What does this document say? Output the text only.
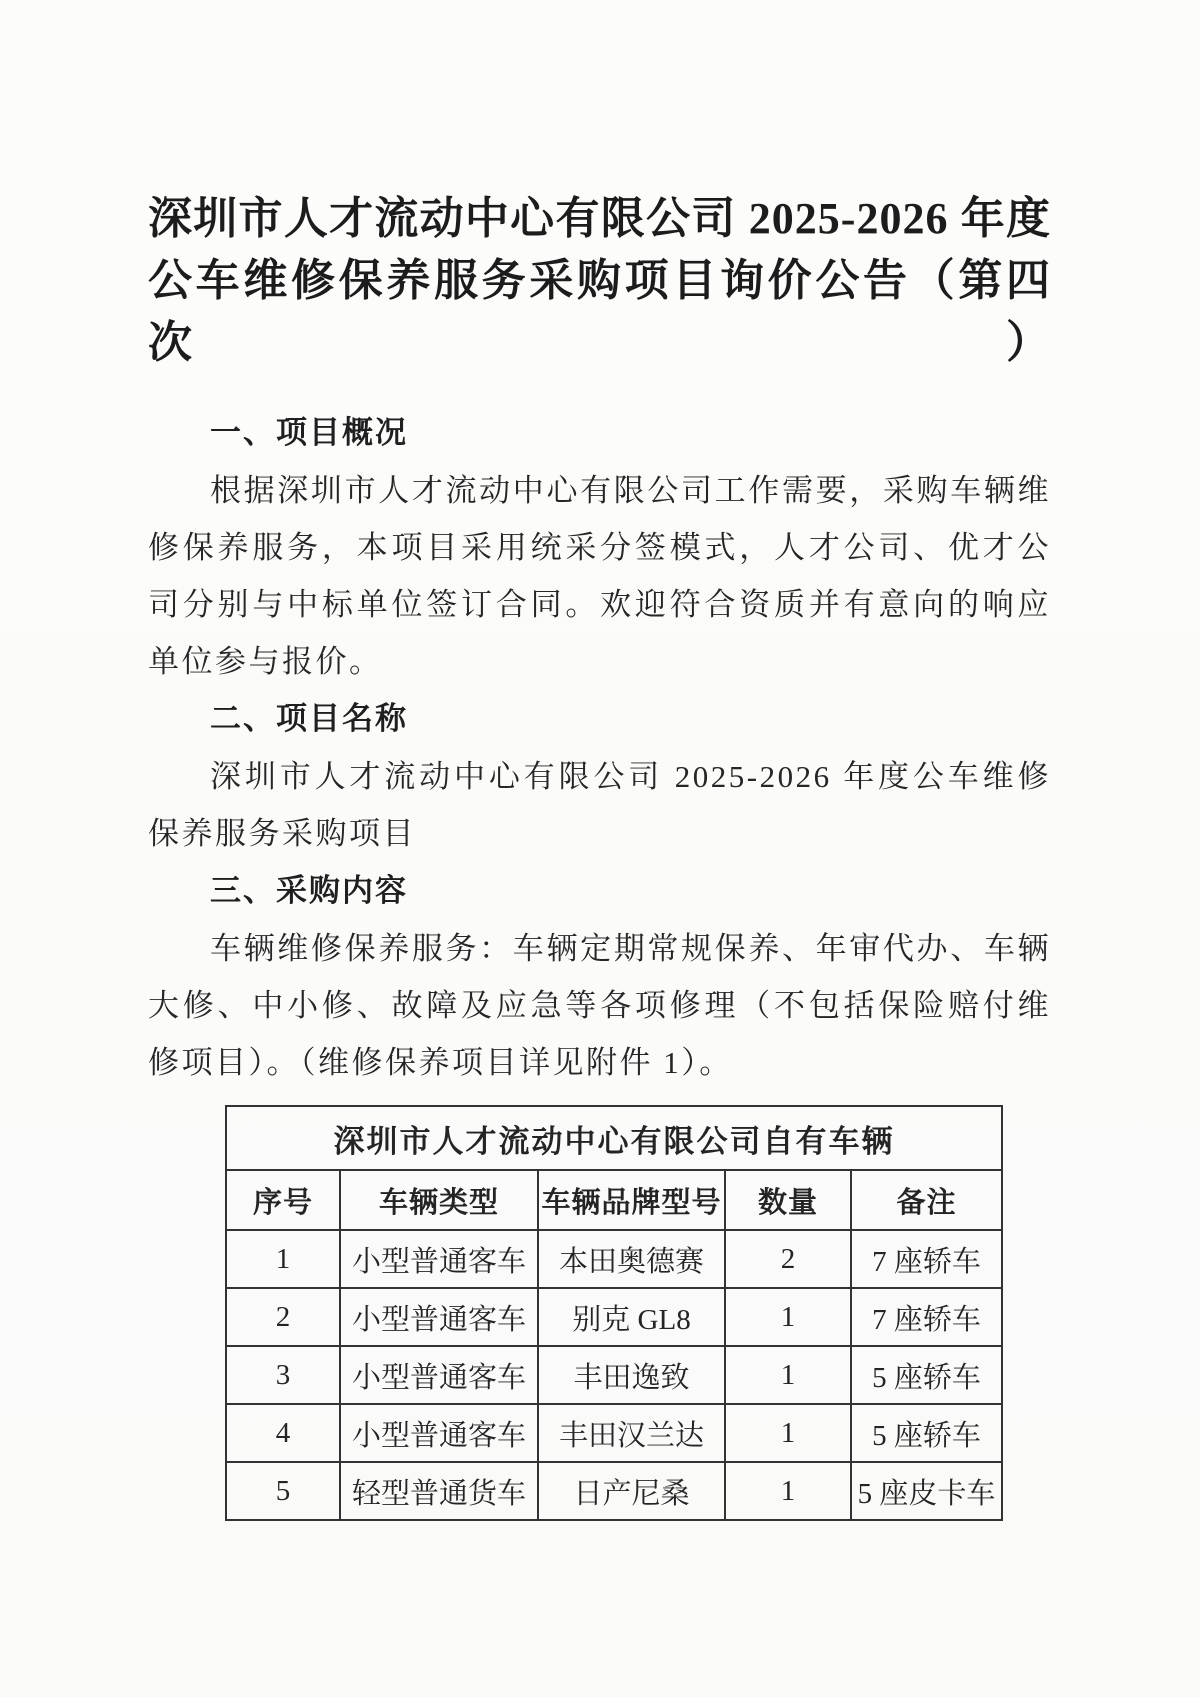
深圳市人才流动中心有限公司 2025-2026 年度
公车维修保养服务采购项目询价公告（第四次）
一、项目概况

根据深圳市人才流动中心有限公司工作需要，采购车辆维修保养服务，本项目采用统采分签模式，人才公司、优才公司分别与中标单位签订合同。欢迎符合资质并有意向的响应单位参与报价。

二、项目名称

深圳市人才流动中心有限公司 2025-2026 年度公车维修保养服务采购项目

三、采购内容

车辆维修保养服务：车辆定期常规保养、年审代办、车辆大修、中小修、故障及应急等各项修理（不包括保险赔付维修项目）。（维修保养项目详见附件 1）。

深圳市人才流动中心有限公司自有车辆				
序号	车辆类型	车辆品牌型号	数量	备注
1	小型普通客车	本田奥德赛	2	7 座轿车
2	小型普通客车	别克 GL8	1	7 座轿车
3	小型普通客车	丰田逸致	1	5 座轿车
4	小型普通客车	丰田汉兰达	1	5 座轿车
5	轻型普通货车	日产尼桑	1	5 座皮卡车
